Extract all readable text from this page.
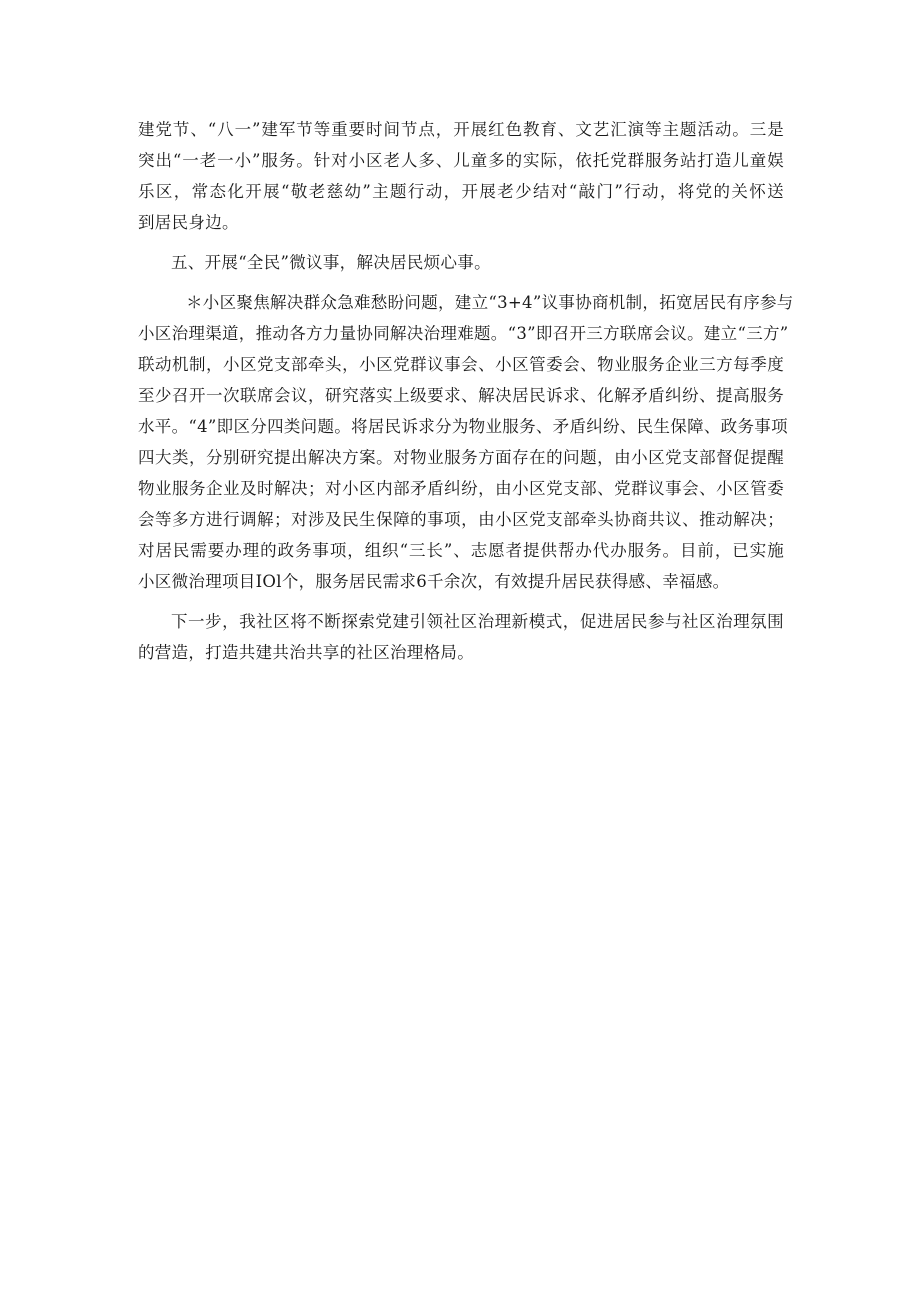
建党节、“八一”建军节等重要时间节点，开展红色教育、文艺汇演等主题活动。三是
突出“一老一小”服务。针对小区老人多、儿童多的实际，依托党群服务站打造儿童娱
乐区，常态化开展“敬老慈幼”主题行动，开展老少结对“敲门”行动，将党的关怀送
到居民身边。
五、开展“全民”微议事，解决居民烦心事。
＊小区聚焦解决群众急难愁盼问题，建立“3+4”议事协商机制，拓宽居民有序参与
小区治理渠道，推动各方力量协同解决治理难题。“3”即召开三方联席会议。建立“三方”
联动机制，小区党支部牵头，小区党群议事会、小区管委会、物业服务企业三方每季度
至少召开一次联席会议，研究落实上级要求、解决居民诉求、化解矛盾纠纷、提高服务
水平。“4”即区分四类问题。将居民诉求分为物业服务、矛盾纠纷、民生保障、政务事项
四大类，分别研究提出解决方案。对物业服务方面存在的问题，由小区党支部督促提醒
物业服务企业及时解决；对小区内部矛盾纠纷，由小区党支部、党群议事会、小区管委
会等多方进行调解；对涉及民生保障的事项，由小区党支部牵头协商共议、推动解决；
对居民需要办理的政务事项，组织“三长”、志愿者提供帮办代办服务。目前，已实施
小区微治理项目IOl个，服务居民需求6千余次，有效提升居民获得感、幸福感。
下一步，我社区将不断探索党建引领社区治理新模式，促进居民参与社区治理氛围
的营造，打造共建共治共享的社区治理格局。
